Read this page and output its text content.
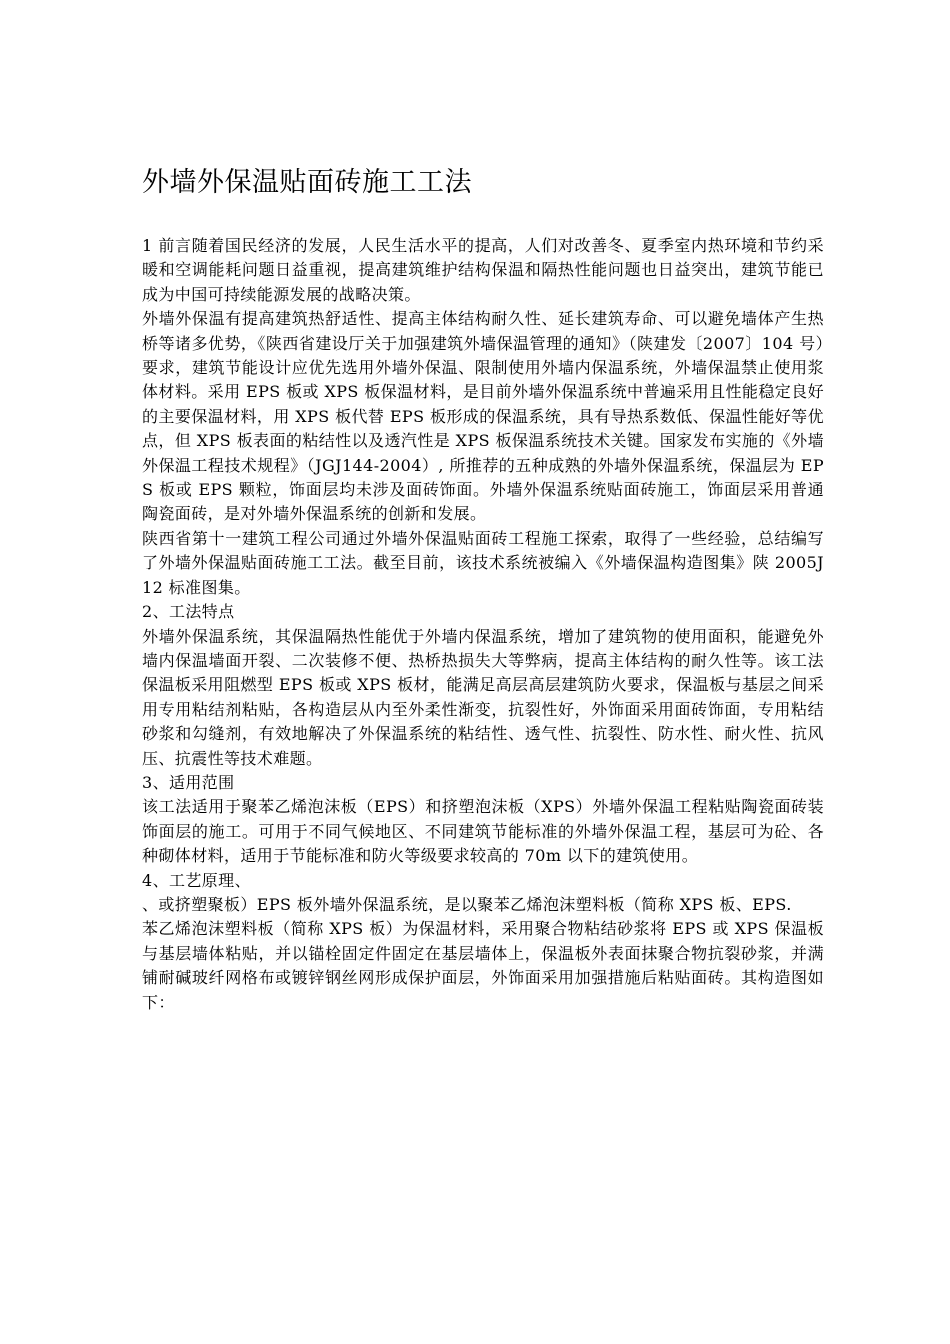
外墙外保温贴面砖施工工法

1 前言随着国民经济的发展，人民生活水平的提高，人们对改善冬、夏季室内热环境和节约采暖和空调能耗问题日益重视，提高建筑维护结构保温和隔热性能问题也日益突出，建筑节能已成为中国可持续能源发展的战略决策。

外墙外保温有提高建筑热舒适性、提高主体结构耐久性、延长建筑寿命、可以避免墙体产生热桥等诸多优势，《陕西省建设厅关于加强建筑外墙保温管理的通知》（陕建发〔2007〕104 号）要求，建筑节能设计应优先选用外墙外保温、限制使用外墙内保温系统，外墙保温禁止使用浆体材料。采用 EPS 板或 XPS 板保温材料，是目前外墙外保温系统中普遍采用且性能稳定良好的主要保温材料，用 XPS 板代替 EPS 板形成的保温系统，具有导热系数低、保温性能好等优点，但 XPS 板表面的粘结性以及透汽性是 XPS 板保温系统技术关键。国家发布实施的《外墙外保温工程技术规程》（JGJ144-2004）, 所推荐的五种成熟的外墙外保温系统，保温层为 EPS 板或 EPS 颗粒，饰面层均未涉及面砖饰面。外墙外保温系统贴面砖施工，饰面层采用普通陶瓷面砖，是对外墙外保温系统的创新和发展。

陕西省第十一建筑工程公司通过外墙外保温贴面砖工程施工探索，取得了一些经验，总结编写了外墙外保温贴面砖施工工法。截至目前，该技术系统被编入《外墙保温构造图集》陕 2005J12 标准图集。

2、工法特点

外墙外保温系统，其保温隔热性能优于外墙内保温系统，增加了建筑物的使用面积，能避免外墙内保温墙面开裂、二次装修不便、热桥热损失大等弊病，提高主体结构的耐久性等。该工法保温板采用阻燃型 EPS 板或 XPS 板材，能满足高层高层建筑防火要求，保温板与基层之间采用专用粘结剂粘贴，各构造层从内至外柔性渐变，抗裂性好，外饰面采用面砖饰面，专用粘结砂浆和勾缝剂，有效地解决了外保温系统的粘结性、透气性、抗裂性、防水性、耐火性、抗风压、抗震性等技术难题。

3、适用范围

该工法适用于聚苯乙烯泡沫板（EPS）和挤塑泡沫板（XPS）外墙外保温工程粘贴陶瓷面砖装饰面层的施工。可用于不同气候地区、不同建筑节能标准的外墙外保温工程，基层可为砼、各种砌体材料，适用于节能标准和防火等级要求较高的 70m 以下的建筑使用。

4、工艺原理、

、或挤塑聚板）EPS 板外墙外保温系统，是以聚苯乙烯泡沫塑料板（简称 XPS 板、EPS.

苯乙烯泡沫塑料板（简称 XPS 板）为保温材料，采用聚合物粘结砂浆将 EPS 或 XPS 保温板与基层墙体粘贴，并以锚栓固定件固定在基层墙体上，保温板外表面抹聚合物抗裂砂浆，并满铺耐碱玻纤网格布或镀锌钢丝网形成保护面层，外饰面采用加强措施后粘贴面砖。其构造图如下：
